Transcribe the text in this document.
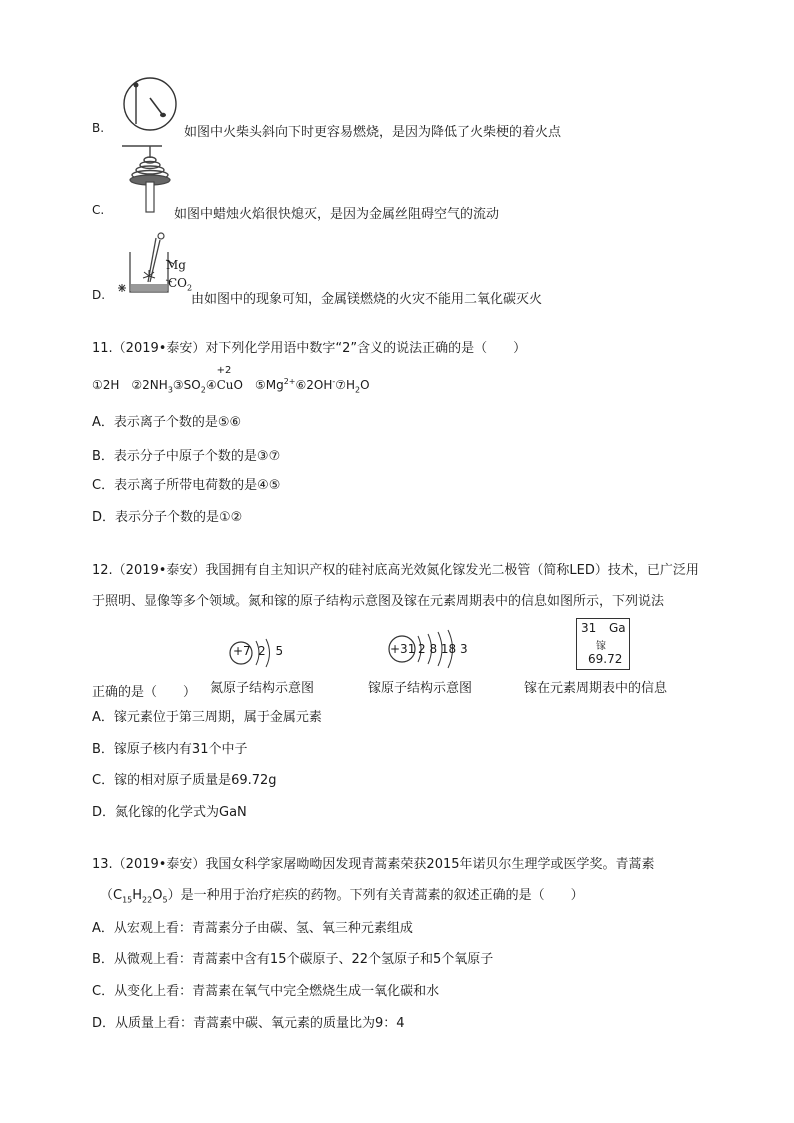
B.	如图中火柴头斜向下时更容易燃烧，是因为降低了火柴梗的着火点
C.	如图中蜡烛火焰很快熄灭，是因为金属丝阻碍空气的流动
D.
Mg
$CO_2$
由如图中的现象可知，金属镁燃烧的火灾不能用二氧化碳灭火
11.（2019•泰安）对下列化学用语中数字“2”含义的说法正确的是（　　）
①2H　$②2NH_3③SO_2④$
+2
CuO　$⑤Mg^{2+}⑥2OH^-⑦H_2O$
A．表示离子个数的是⑤⑥
B．表示分子中原子个数的是③⑦
C．表示离子所带电荷数的是④⑤
D．表示分子个数的是①②
12.（2019•泰安）我国拥有自主知识产权的硅衬底高光效氮化镓发光二极管（简称LED）技术，已广泛用
于照明、显像等多个领域。氮和镓的原子结构示意图及镓在元素周期表中的信息如图所示，下列说法
+7 2 5
氮原子结构示意图
+31 2 8 18 3
镓原子结构示意图
31 Ga
镓
69.72
镓在元素周期表中的信息
正确的是（　　）
A．镓元素位于第三周期，属于金属元素
B．镓原子核内有31个中子
C．镓的相对原子质量是69.72g
D．氮化镓的化学式为GaN
13.（2019•泰安）我国女科学家屠呦呦因发现青蒿素荣获2015年诺贝尔生理学或医学奖。青蒿素
$(C_{15}H_{22}O_5)$是一种用于治疗疟疾的药物。下列有关青蒿素的叙述正确的是（　　）
A．从宏观上看：青蒿素分子由碳、氢、氧三种元素组成
B．从微观上看：青蒿素中含有15个碳原子、22个氢原子和5个氧原子
C．从变化上看：青蒿素在氧气中完全燃烧生成一氧化碳和水
D．从质量上看：青蒿素中碳、氧元素的质量比为9：4
